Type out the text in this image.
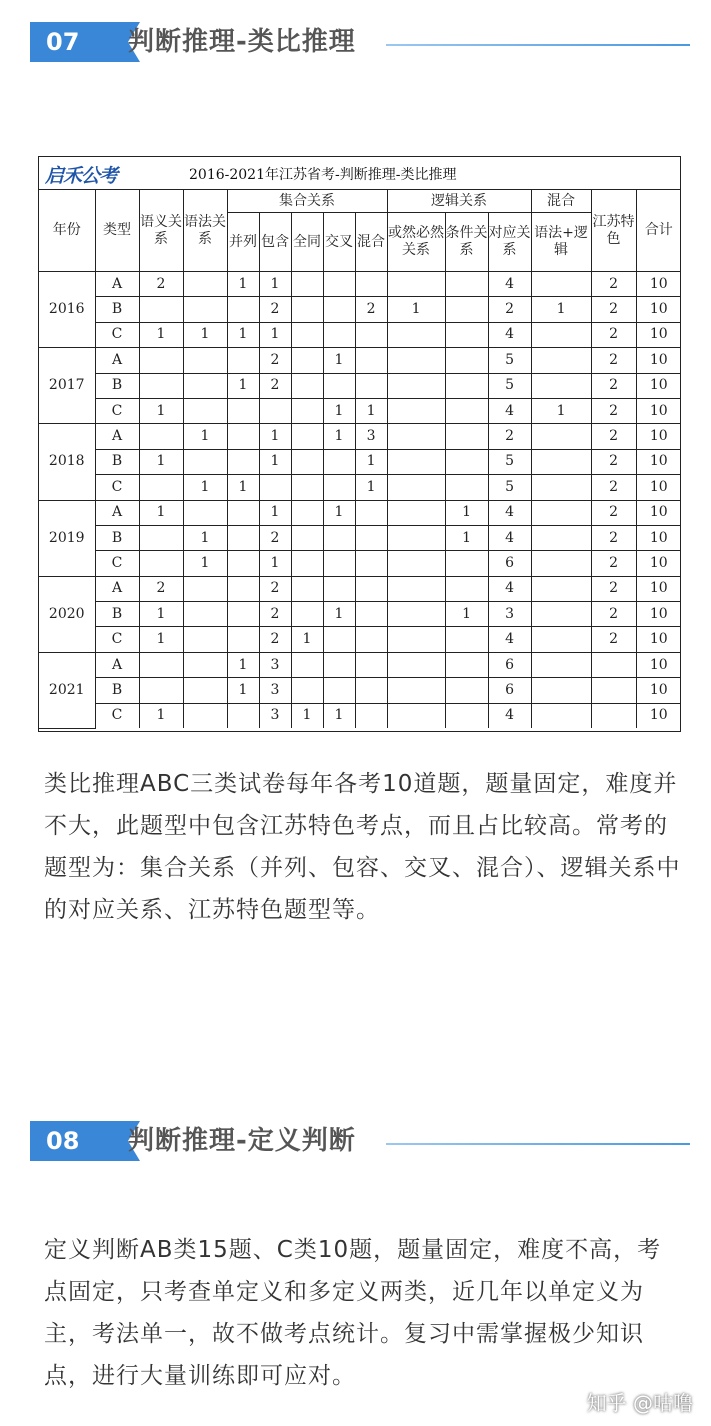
07	判断推理-类比推理
启禾公考	2016-2021年江苏省考-判断推理-类比推理
年份	类型	语义关系	语法关系	集合关系					逻辑关系			混合	江苏特色	合计
				并列	包含	全同	交叉	混合	或然必然关系	条件关系	对应关系	语法+逻辑		
2016	A	2		1	1						4		2	10
	B				2			2	1		2	1	2	10
	C	1	1	1	1						4		2	10
2017	A				2		1				5		2	10
	B			1	2						5		2	10
	C	1					1	1			4	1	2	10
2018	A		1		1		1	3			2		2	10
	B	1			1			1			5		2	10
	C		1	1				1			5		2	10
2019	A	1			1		1			1	4		2	10
	B		1		2					1	4		2	10
	C		1		1						6		2	10
2020	A	2			2						4		2	10
	B	1			2		1			1	3		2	10
	C	1			2	1					4		2	10
2021	A			1	3						6			10
	B			1	3						6			10
	C	1			3	1	1				4			10
类比推理ABC三类试卷每年各考10道题，题量固定，难度并不大，此题型中包含江苏特色考点，而且占比较高。常考的题型为：集合关系（并列、包容、交叉、混合）、逻辑关系中的对应关系、江苏特色题型等。
08	判断推理-定义判断
定义判断AB类15题、C类10题，题量固定，难度不高，考点固定，只考查单定义和多定义两类，近几年以单定义为主，考法单一，故不做考点统计。复习中需掌握极少知识点，进行大量训练即可应对。
知乎 @咕噜
